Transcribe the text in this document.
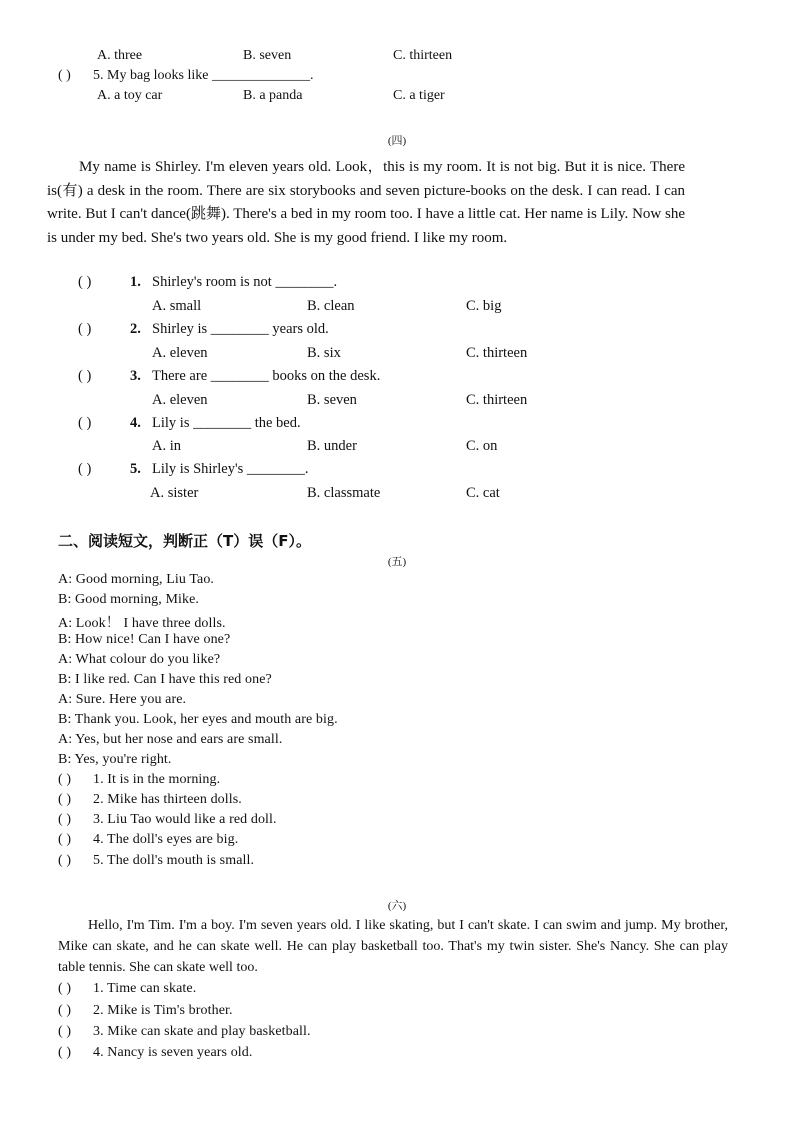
A. three	B. seven	C. thirteen
( ) 5. My bag looks like ______________.
A. a toy car	B. a panda	C. a tiger
(四)
My name is Shirley. I'm eleven years old. Look，this is my room. It is not big. But it is nice. There is(有) a desk in the room. There are six storybooks and seven picture-books on the desk. I can read. I can write. But I can't dance(跳舞). There's a bed in my room too. I have a little cat. Her name is Lily. Now she is under my bed. She's two years old. She is my good friend. I like my room.
( )	1. Shirley's room is not ________.
A. small	B. clean	C. big
( )	2. Shirley is ________ years old.
A. eleven	B. six	C. thirteen
( )	3. There are ________ books on the desk.
A. eleven	B. seven	C. thirteen
( )	4. Lily is ________ the bed.
A. in	B. under	C. on
( )	5. Lily is Shirley's ________.
A. sister	B. classmate	C. cat
二、阅读短文，判断正（T）误（F）。
(五)
A: Good morning, Liu Tao.
B: Good morning, Mike.
A: Look！ I have three dolls.
B: How nice! Can I have one?
A: What colour do you like?
B: I like red. Can I have this red one?
A: Sure. Here you are.
B: Thank you. Look, her eyes and mouth are big.
A: Yes, but her nose and ears are small.
B: Yes, you're right.
( ) 1. It is in the morning.
( ) 2. Mike has thirteen dolls.
( ) 3. Liu Tao would like a red doll.
( ) 4. The doll's eyes are big.
( ) 5. The doll's mouth is small.
(六)
Hello, I'm Tim. I'm a boy. I'm seven years old. I like skating, but I can't skate. I can swim and jump. My brother, Mike can skate, and he can skate well. He can play basketball too. That's my twin sister. She's Nancy. She can play table tennis. She can skate well too.
( ) 1. Time can skate.
( ) 2. Mike is Tim's brother.
( ) 3. Mike can skate and play basketball.
( ) 4. Nancy is seven years old.
